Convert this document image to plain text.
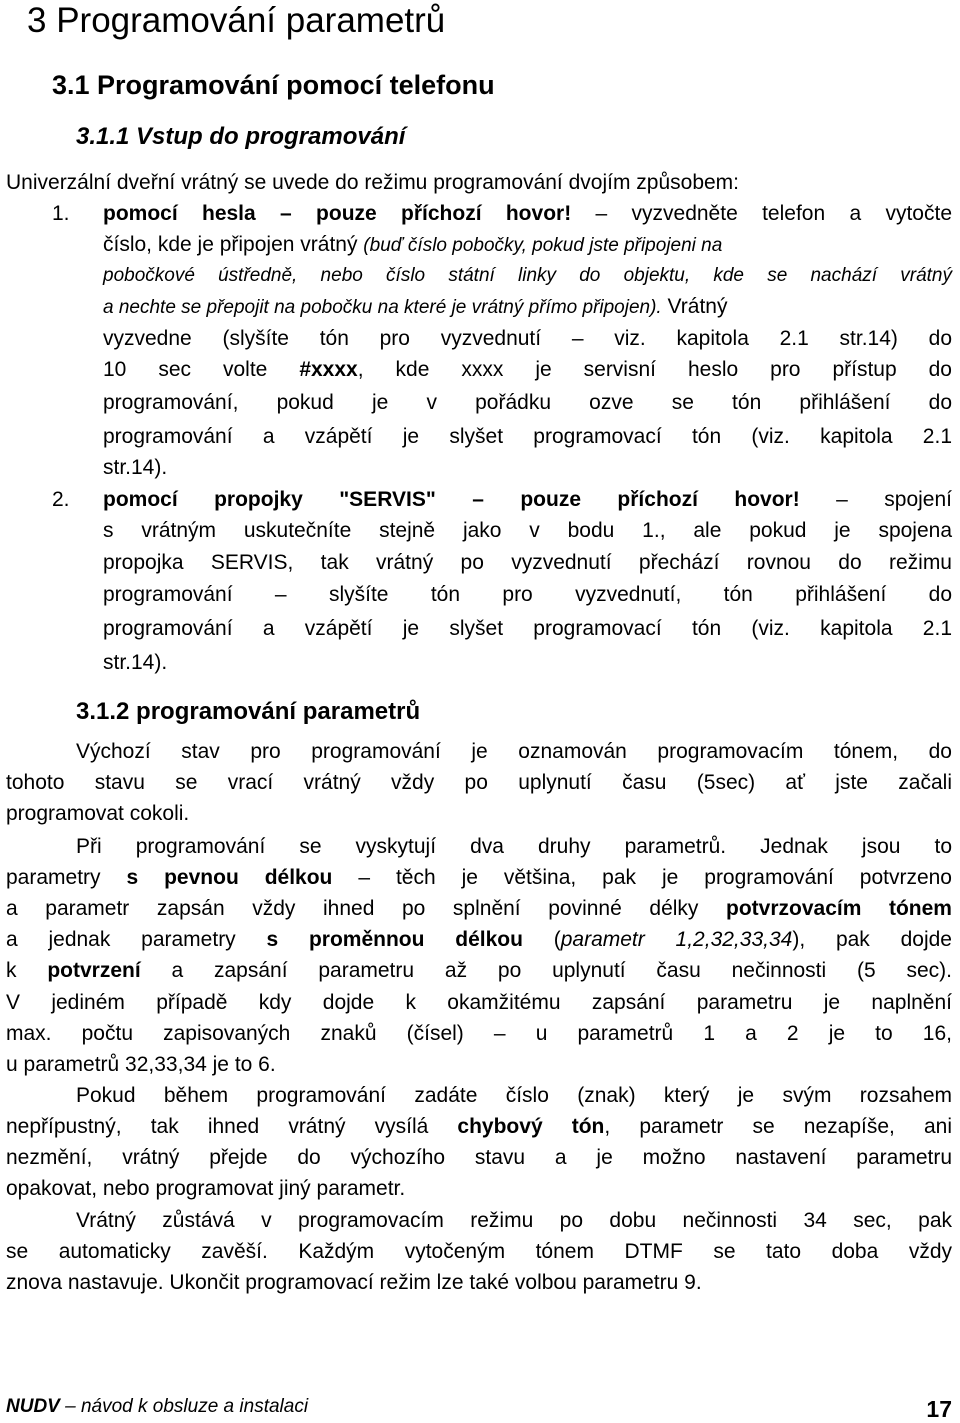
3 Programování parametrů
3.1 Programování pomocí telefonu
3.1.1 Vstup do programování
Univerzální dveřní vrátný se uvede do režimu programování dvojím způsobem:
1. pomocí hesla – pouze příchozí hovor! – vyzvedněte telefon a vytočte
číslo, kde je připojen vrátný (buď číslo pobočky, pokud jste připojeni na
pobočkové ústředně, nebo číslo státní linky do objektu, kde se nachází vrátný
a nechte se přepojit na pobočku na které je vrátný přímo připojen). Vrátný
vyzvedne (slyšíte tón pro vyzvednutí – viz. kapitola 2.1 str.14) do
10 sec volte #xxxx, kde xxxx je servisní heslo pro přístup do
programování, pokud je v pořádku ozve se tón přihlášení do
programování a vzápětí je slyšet programovací tón (viz. kapitola 2.1
str.14).
2. pomocí propojky "SERVIS" – pouze příchozí hovor! – spojení
s vrátným uskutečníte stejně jako v bodu 1., ale pokud je spojena
propojka SERVIS, tak vrátný po vyzvednutí přechází rovnou do režimu
programování – slyšíte tón pro vyzvednutí, tón přihlášení do
programování a vzápětí je slyšet programovací tón (viz. kapitola 2.1
str.14).
3.1.2 programování parametrů
Výchozí stav pro programování je oznamován programovacím tónem, do
tohoto stavu se vrací vrátný vždy po uplynutí času (5sec) ať jste začali
programovat cokoli.
Při programování se vyskytují dva druhy parametrů. Jednak jsou to
parametry s pevnou délkou – těch je většina, pak je programování potvrzeno
a parametr zapsán vždy ihned po splnění povinné délky potvrzovacím tónem
a jednak parametry s proměnnou délkou (parametr 1,2,32,33,34), pak dojde
k potvrzení a zapsání parametru až po uplynutí času nečinnosti (5 sec).
V jediném případě kdy dojde k okamžitému zapsání parametru je naplnění
max. počtu zapisovaných znaků (čísel) – u parametrů 1 a 2 je to 16,
u parametrů 32,33,34 je to 6.
Pokud během programování zadáte číslo (znak) který je svým rozsahem
nepřípustný, tak ihned vrátný vysílá chybový tón, parametr se nezapíše, ani
nezmění, vrátný přejde do výchozího stavu a je možno nastavení parametru
opakovat, nebo programovat jiný parametr.
Vrátný zůstává v programovacím režimu po dobu nečinnosti 34 sec, pak
se automaticky zavěší. Každým vytočeným tónem DTMF se tato doba vždy
znova nastavuje. Ukončit programovací režim lze také volbou parametru 9.
NUDV – návod k obsluze a instalaci	17
